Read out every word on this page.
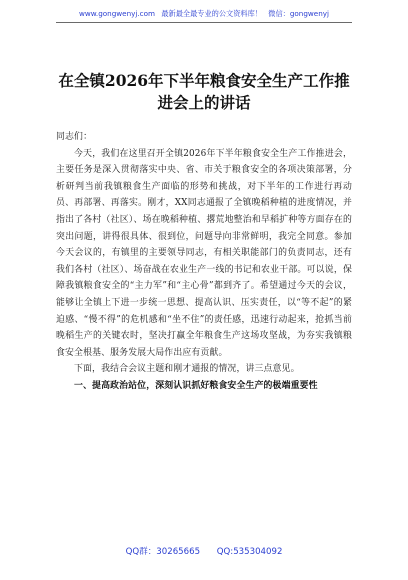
www.gongwenyj.com 最新最全最专业的公文资料库！ 微信：gongwenyj
在全镇2026年下半年粮食安全生产工作推进会上的讲话

同志们：

今天，我们在这里召开全镇2026年下半年粮食安全生产工作推进会，主要任务是深入贯彻落实中央、省、市关于粮食安全的各项决策部署，分析研判当前我镇粮食生产面临的形势和挑战，对下半年的工作进行再动员、再部署、再落实。刚才，XX同志通报了全镇晚稻种植的进度情况，并指出了各村（社区）、场在晚稻种植、撂荒地整治和早稻扩种等方面存在的突出问题，讲得很具体、很到位，问题导向非常鲜明，我完全同意。参加今天会议的，有镇里的主要领导同志，有相关职能部门的负责同志，还有我们各村（社区）、场奋战在农业生产一线的书记和农业干部。可以说，保障我镇粮食安全的“主力军”和“主心骨”都到齐了。希望通过今天的会议，能够让全镇上下进一步统一思想、提高认识、压实责任，以“等不起”的紧迫感、“慢不得”的危机感和“坐不住”的责任感，迅速行动起来，抢抓当前晚稻生产的关键农时，坚决打赢全年粮食生产这场攻坚战，为夯实我镇粮食安全根基、服务发展大局作出应有贡献。

下面，我结合会议主题和刚才通报的情况，讲三点意见。

一、提高政治站位，深刻认识抓好粮食安全生产的极端重要性

QQ群：30265665 QQ:535304092
